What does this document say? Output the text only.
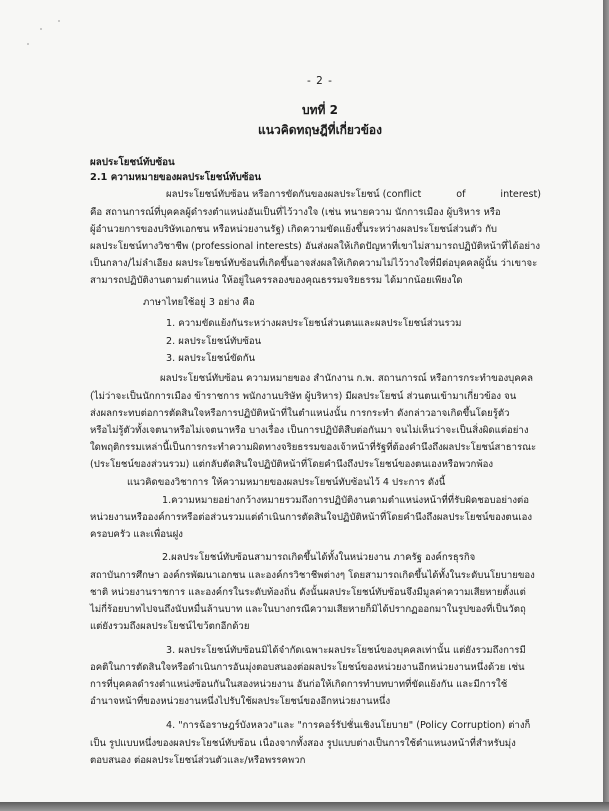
- 2 -
บทที่ 2
แนวคิดทฤษฎีที่เกี่ยวข้อง
ผลประโยชน์ทับซ้อน
2.1 ความหมายของผลประโยชน์ทับซ้อน
ผลประโยชน์ทับซ้อน หรือการขัดกันของผลประโยชน์ (conflict	of	interest)
คือ สถานการณ์ที่บุคคลผู้ดำรงตำแหน่งอันเป็นที่ไว้วางใจ (เช่น ทนายความ นักการเมือง ผู้บริหาร หรือ
ผู้อำนวยการของบริษัทเอกชน หรือหน่วยงานรัฐ) เกิดความขัดแย้งขึ้นระหว่างผลประโยชน์ส่วนตัว กับ
ผลประโยชน์ทางวิชาชีพ (professional interests) อันส่งผลให้เกิดปัญหาที่เขาไม่สามารถปฏิบัติหน้าที่ได้อย่าง
เป็นกลาง/ไม่ลำเอียง ผลประโยชน์ทับซ้อนที่เกิดขึ้นอาจส่งผลให้เกิดความไม่ไว้วางใจที่มีต่อบุคคลผู้นั้น ว่าเขาจะ
สามารถปฏิบัติงานตามตำแหน่ง ให้อยู่ในครรลองของคุณธรรมจริยธรรม ได้มากน้อยเพียงใด
ภาษาไทยใช้อยู่ 3 อย่าง คือ
1. ความขัดแย้งกันระหว่างผลประโยชน์ส่วนตนและผลประโยชน์ส่วนรวม
2. ผลประโยชน์ทับซ้อน
3. ผลประโยชน์ขัดกัน
ผลประโยชน์ทับซ้อน ความหมายของ สำนักงาน ก.พ. สถานการณ์ หรือการกระทำของบุคคล
(ไม่ว่าจะเป็นนักการเมือง ข้าราชการ พนักงานบริษัท ผู้บริหาร) มีผลประโยชน์ ส่วนตนเข้ามาเกี่ยวข้อง จน
ส่งผลกระทบต่อการตัดสินใจหรือการปฏิบัติหน้าที่ในตำแหน่งนั้น การกระทำ ดังกล่าวอาจเกิดขึ้นโดยรู้ตัว
หรือไม่รู้ตัวทั้งเจตนาหรือไม่เจตนาหรือ บางเรื่อง เป็นการปฏิบัติสืบต่อกันมา จนไม่เห็นว่าจะเป็นสิ่งผิดแต่อย่าง
ใดพฤติกรรมเหล่านี้เป็นการกระทำความผิดทางจริยธรรมของเจ้าหน้าที่รัฐที่ต้องคำนึงถึงผลประโยชน์สาธารณะ
(ประโยชน์ของส่วนรวม) แต่กลับตัดสินใจปฏิบัติหน้าที่โดยคำนึงถึงประโยชน์ของตนเองหรือพวกพ้อง
แนวคิดของวิชาการ ให้ความหมายของผลประโยชน์ทับซ้อนไว้ 4 ประการ ดังนี้
1.ความหมายอย่างกว้างหมายรวมถึงการปฏิบัติงานตามตำแหน่งหน้าที่ที่รับผิดชอบอย่างต่อ
หน่วยงานหรือองค์การหรือต่อส่วนรวมแต่ดำเนินการตัดสินใจปฏิบัติหน้าที่โดยคำนึงถึงผลประโยชน์ของตนเอง
ครอบครัว และเพื่อนฝูง
2.ผลประโยชน์ทับซ้อนสามารถเกิดขึ้นได้ทั้งในหน่วยงาน ภาครัฐ องค์กรธุรกิจ
สถาบันการศึกษา องค์กรพัฒนาเอกชน และองค์กรวิชาชีพต่างๆ โดยสามารถเกิดขึ้นได้ทั้งในระดับนโยบายของ
ชาติ หน่วยงานราชการ และองค์กรในระดับท้องถิ่น ดังนั้นผลประโยชน์ทับซ้อนจึงมีมูลค่าความเสียหายตั้งแต่
ไม่กี่ร้อยบาทไปจนถึงนับหมื่นล้านบาท และในบางกรณีความเสียหายก็มิได้ปรากฏออกมาในรูปของที่เป็นวัตถุ
แต่ยังรวมถึงผลประโยชน์ไขว้ตกอีกด้วย
3. ผลประโยชน์ทับซ้อนมิได้จำกัดเฉพาะผลประโยชน์ของบุคคลเท่านั้น แต่ยังรวมถึงการมี
อคติในการตัดสินใจหรือดำเนินการอันมุ่งตอบสนองต่อผลประโยชน์ของหน่วยงานอีกหน่วยงานหนึ่งด้วย เช่น
การที่บุคคลดำรงตำแหน่งซ้อนกันในสองหน่วยงาน อันก่อให้เกิดการทำบทบาทที่ขัดแย้งกัน และมีการใช้
อำนาจหน้าที่ของหน่วยงานหนึ่งไปรับใช้ผลประโยชน์ของอีกหน่วยงานหนึ่ง
4. "การฉ้อราษฎร์บังหลวง"และ "การคอร์รัปชั่นเชิงนโยบาย" (Policy Corruption) ต่างก็
เป็น รูปแบบหนึ่งของผลประโยชน์ทับซ้อน เนื่องจากทั้งสอง รูปแบบต่างเป็นการใช้ตำแหนงหน้าที่สำหรับมุ่ง
ตอบสนอง ต่อผลประโยชน์ส่วนตัวและ/หรือพรรคพวก
